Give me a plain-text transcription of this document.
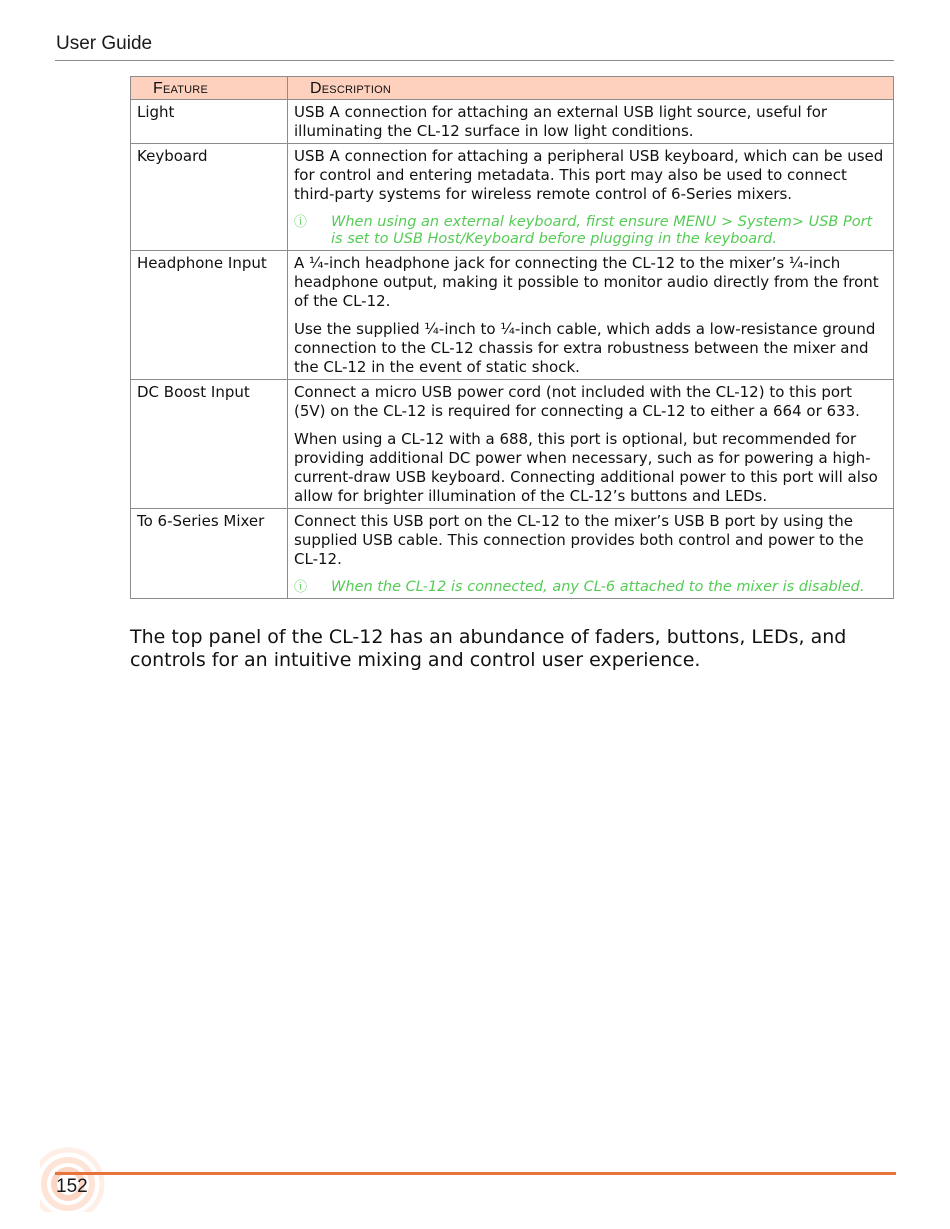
User Guide
Feature	Description
Light	USB A connection for attaching an external USB light source, useful for illuminating the CL-12 surface in low light conditions.

Keyboard	USB A connection for attaching a peripheral USB keyboard, which can be used for control and entering metadata. This port may also be used to connect third-party systems for wireless remote control of 6-Series mixers.

ⓘ When using an external keyboard, first ensure MENU > System> USB Port is set to USB Host/Keyboard before plugging in the keyboard.

Headphone Input	A ¼-inch headphone jack for connecting the CL-12 to the mixer’s ¼-inch headphone output, making it possible to monitor audio directly from the front of the CL-12.

Use the supplied ¼-inch to ¼-inch cable, which adds a low-resistance ground connection to the CL-12 chassis for extra robustness between the mixer and the CL-12 in the event of static shock.

DC Boost Input	Connect a micro USB power cord (not included with the CL-12) to this port (5V) on the CL-12 is required for connecting a CL-12 to either a 664 or 633.

When using a CL-12 with a 688, this port is optional, but recommended for providing additional DC power when necessary, such as for powering a high-current-draw USB keyboard. Connecting additional power to this port will also allow for brighter illumination of the CL-12’s buttons and LEDs.

To 6-Series Mixer	Connect this USB port on the CL-12 to the mixer’s USB B port by using the supplied USB cable. This connection provides both control and power to the CL-12.

ⓘ When the CL-12 is connected, any CL-6 attached to the mixer is disabled.

The top panel of the CL-12 has an abundance of faders, buttons, LEDs, and controls for an intuitive mixing and control user experience.

152
